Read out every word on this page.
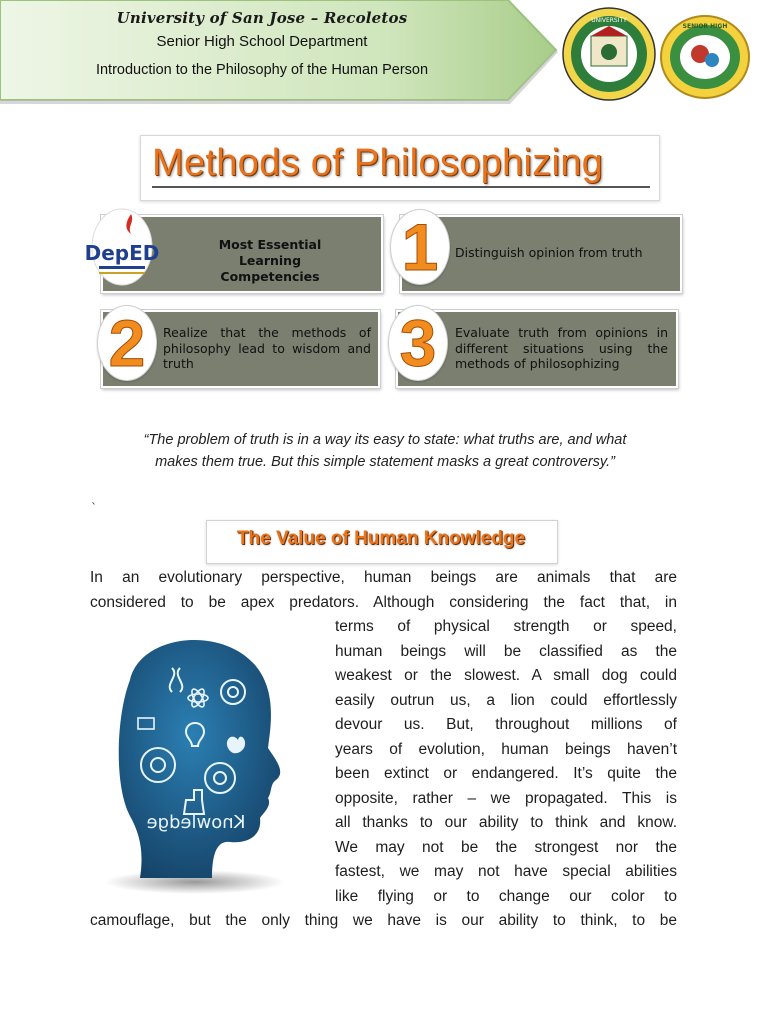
University of San Jose – Recoletos
Senior High School Department
Introduction to the Philosophy of the Human Person
UNIVERSITY
SENIOR HIGH
Methods of Philosophizing
DepED	Most Essential Learning
Competencies	1	Distinguish opinion from truth
2	Realize that the methods of philosophy lead to wisdom and truth	3	Evaluate truth from opinions in different situations using the methods of philosophizing
“The problem of truth is in a way its easy to state: what truths are, and what
makes them true. But this simple statement masks a great controversy.”
`
The Value of Human Knowledge
In an evolutionary perspective, human beings are animals that are
considered to be apex predators. Although considering the fact that, in
terms of physical strength or speed,
human beings will be classified as the
weakest or the slowest. A small dog could
easily outrun us, a lion could effortlessly
devour us. But, throughout millions of
years of evolution, human beings haven’t
been extinct or endangered. It’s quite the
opposite, rather – we propagated. This is
all thanks to our ability to think and know.
We may not be the strongest nor the
fastest, we may not have special abilities
like flying or to change our color to
camouflage, but the only thing we have is our ability to think, to be
Knowledge
